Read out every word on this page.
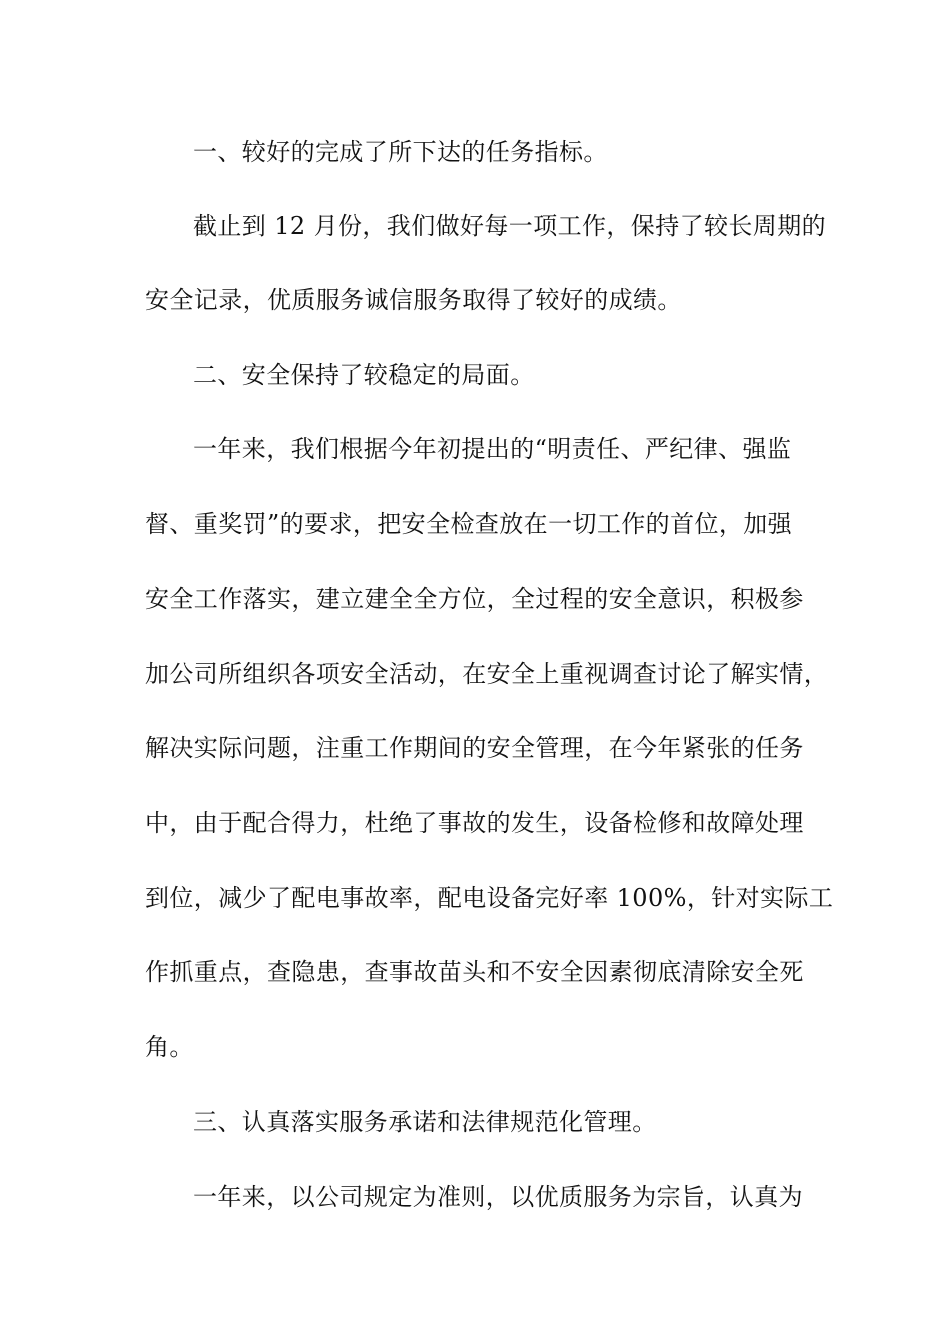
一、较好的完成了所下达的任务指标。

截止到 12 月份，我们做好每一项工作，保持了较长周期的

安全记录，优质服务诚信服务取得了较好的成绩。

二、安全保持了较稳定的局面。

一年来，我们根据今年初提出的“明责任、严纪律、强监

督、重奖罚”的要求，把安全检查放在一切工作的首位，加强

安全工作落实，建立建全全方位，全过程的安全意识，积极参

加公司所组织各项安全活动，在安全上重视调查讨论了解实情，

解决实际问题，注重工作期间的安全管理，在今年紧张的任务

中，由于配合得力，杜绝了事故的发生，设备检修和故障处理

到位，减少了配电事故率，配电设备完好率 100%，针对实际工

作抓重点，查隐患，查事故苗头和不安全因素彻底清除安全死

角。

三、认真落实服务承诺和法律规范化管理。

一年来，以公司规定为准则，以优质服务为宗旨，认真为
